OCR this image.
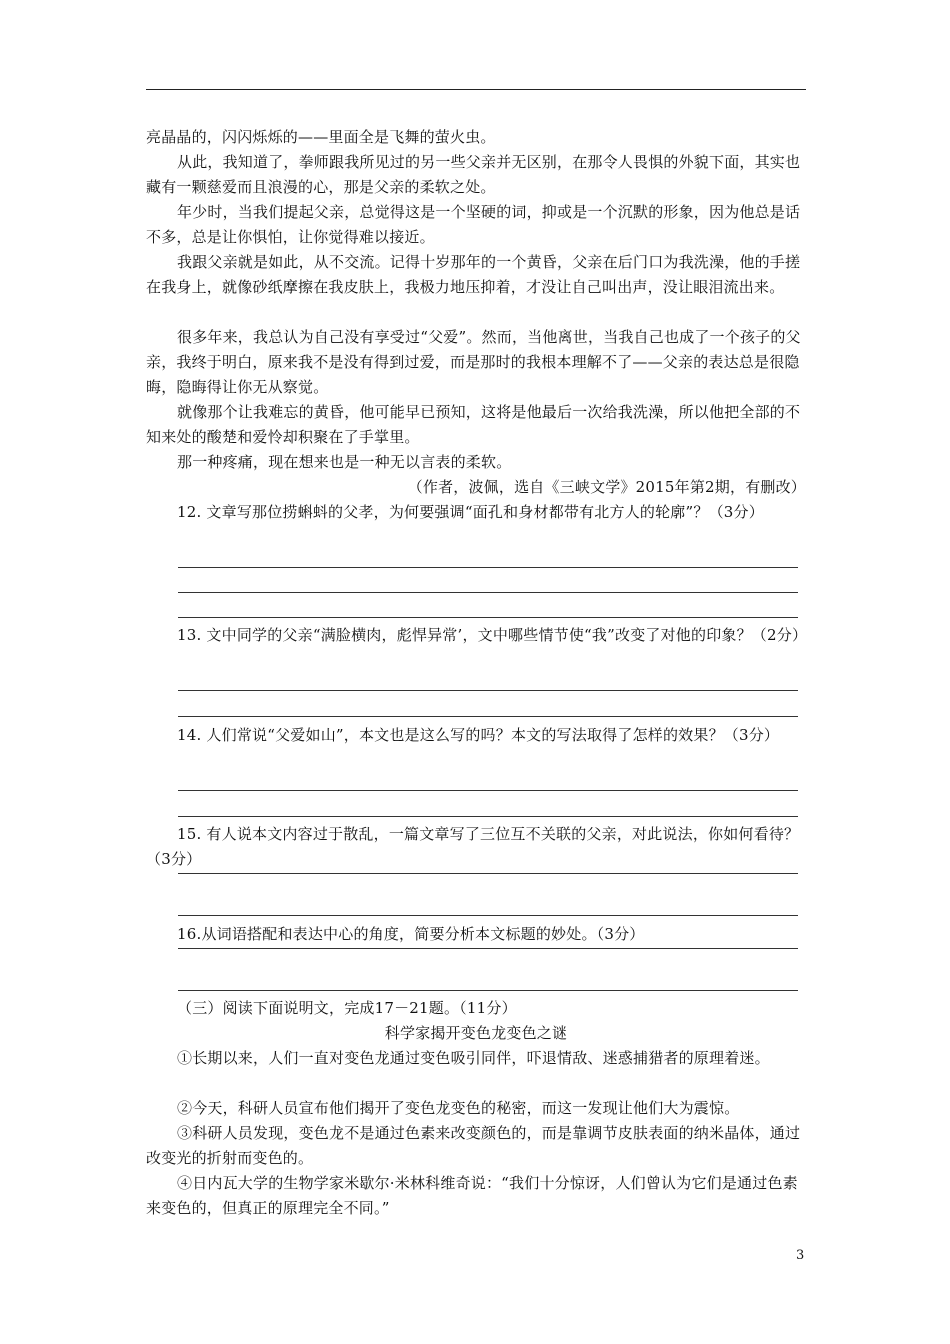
亮晶晶的，闪闪烁烁的——里面全是飞舞的萤火虫。

从此，我知道了，拳师跟我所见过的另一些父亲并无区别，在那令人畏惧的外貌下面，其实也藏有一颗慈爱而且浪漫的心，那是父亲的柔软之处。

年少时，当我们提起父亲，总觉得这是一个坚硬的词，抑或是一个沉默的形象，因为他总是话不多，总是让你惧怕，让你觉得难以接近。

我跟父亲就是如此，从不交流。记得十岁那年的一个黄昏，父亲在后门口为我洗澡，他的手搓在我身上，就像砂纸摩擦在我皮肤上，我极力地压抑着，才没让自己叫出声，没让眼泪流出来。

很多年来，我总认为自己没有享受过“父爱”。然而，当他离世，当我自己也成了一个孩子的父亲，我终于明白，原来我不是没有得到过爱，而是那时的我根本理解不了——父亲的表达总是很隐晦，隐晦得让你无从察觉。

就像那个让我难忘的黄昏，他可能早已预知，这将是他最后一次给我洗澡，所以他把全部的不知来处的酸楚和爱怜却积聚在了手掌里。

那一种疼痛，现在想来也是一种无以言表的柔软。

（作者，波佩，选自《三峡文学》2015年第2期，有删改）

12. 文章写那位捞蝌蚪的父孝，为何要强调“面孔和身材都带有北方人的轮廓”？（3分）

13. 文中同学的父亲“满脸横肉，彪悍异常’，文中哪些情节使“我”改变了对他的印象？（2分）

14. 人们常说“父爱如山”，本文也是这么写的吗？本文的写法取得了怎样的效果？（3分）

15. 有人说本文内容过于散乱，一篇文章写了三位互不关联的父亲，对此说法，你如何看待？（3分）

16.从词语搭配和表达中心的角度，简要分析本文标题的妙处。（3分）

（三）阅读下面说明文，完成17－21题。（11分）

科学家揭开变色龙变色之谜

①长期以来，人们一直对变色龙通过变色吸引同伴，吓退情敌、迷惑捕猎者的原理着迷。

②今天，科研人员宣布他们揭开了变色龙变色的秘密，而这一发现让他们大为震惊。

③科研人员发现，变色龙不是通过色素来改变颜色的，而是靠调节皮肤表面的纳米晶体，通过改变光的折射而变色的。

④日内瓦大学的生物学家米歇尔·米林科维奇说：“我们十分惊讶，人们曾认为它们是通过色素来变色的，但真正的原理完全不同。”

3
